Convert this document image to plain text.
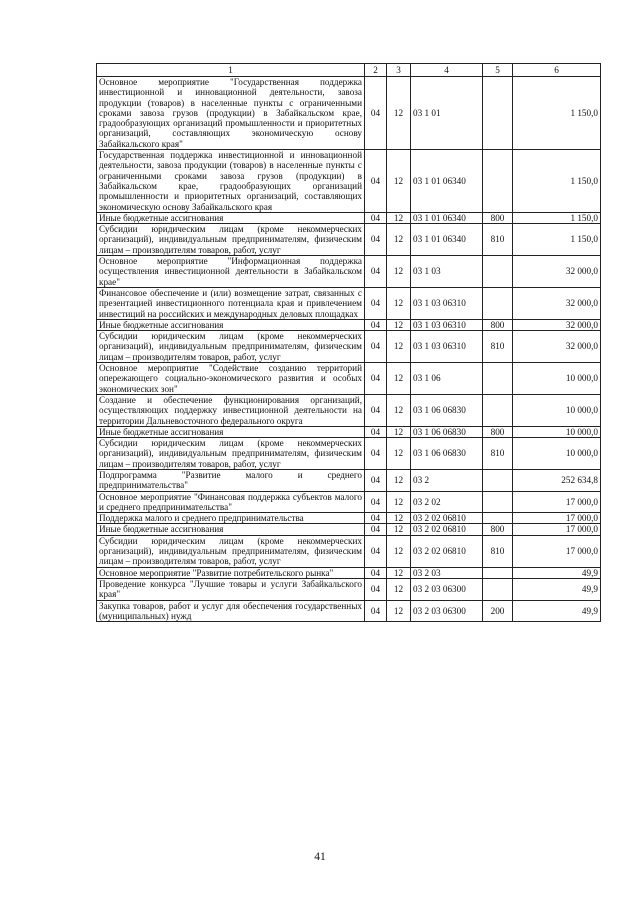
1	2	3	4	5	6
Основное мероприятие "Государственная поддержка инвестиционной и инновационной деятельности, завоза продукции (товаров) в населенные пункты с ограниченными сроками завоза грузов (продукции) в Забайкальском крае, градообразующих организаций промышленности и приоритетных организаций, составляющих экономическую основу Забайкальского края"	04	12	03 1 01		1 150,0
Государственная поддержка инвестиционной и инновационной деятельности, завоза продукции (товаров) в населенные пункты с ограниченными сроками завоза грузов (продукции) в Забайкальском крае, градообразующих организаций промышленности и приоритетных организаций, составляющих экономическую основу Забайкальского края	04	12	03 1 01 06340		1 150,0
Иные бюджетные ассигнования	04	12	03 1 01 06340	800	1 150,0
Субсидии юридическим лицам (кроме некоммерческих организаций), индивидуальным предпринимателям, физическим лицам – производителям товаров, работ, услуг	04	12	03 1 01 06340	810	1 150,0
Основное мероприятие "Информационная поддержка осуществления инвестиционной деятельности в Забайкальском крае"	04	12	03 1 03		32 000,0
Финансовое обеспечение и (или) возмещение затрат, связанных с презентацией инвестиционного потенциала края и привлечением инвестиций на российских и международных деловых площадках	04	12	03 1 03 06310		32 000,0
Иные бюджетные ассигнования	04	12	03 1 03 06310	800	32 000,0
Субсидии юридическим лицам (кроме некоммерческих организаций), индивидуальным предпринимателям, физическим лицам – производителям товаров, работ, услуг	04	12	03 1 03 06310	810	32 000,0
Основное мероприятие "Содействие созданию территорий опережающего социально-экономического развития и особых экономических зон"	04	12	03 1 06		10 000,0
Создание и обеспечение функционирования организаций, осуществляющих поддержку инвестиционной деятельности на территории Дальневосточного федерального округа	04	12	03 1 06 06830		10 000,0
Иные бюджетные ассигнования	04	12	03 1 06 06830	800	10 000,0
Субсидии юридическим лицам (кроме некоммерческих организаций), индивидуальным предпринимателям, физическим лицам – производителям товаров, работ, услуг	04	12	03 1 06 06830	810	10 000,0
Подпрограмма "Развитие малого и среднего предпринимательства"	04	12	03 2		252 634,8
Основное мероприятие "Финансовая поддержка субъектов малого и среднего предпринимательства"	04	12	03 2 02		17 000,0
Поддержка малого и среднего предпринимательства	04	12	03 2 02 06810		17 000,0
Иные бюджетные ассигнования	04	12	03 2 02 06810	800	17 000,0
Субсидии юридическим лицам (кроме некоммерческих организаций), индивидуальным предпринимателям, физическим лицам – производителям товаров, работ, услуг	04	12	03 2 02 06810	810	17 000,0
Основное мероприятие "Развитие потребительского рынка"	04	12	03 2 03		49,9
Проведение конкурса "Лучшие товары и услуги Забайкальского края"	04	12	03 2 03 06300		49,9
Закупка товаров, работ и услуг для обеспечения государственных (муниципальных) нужд	04	12	03 2 03 06300	200	49,9
41
